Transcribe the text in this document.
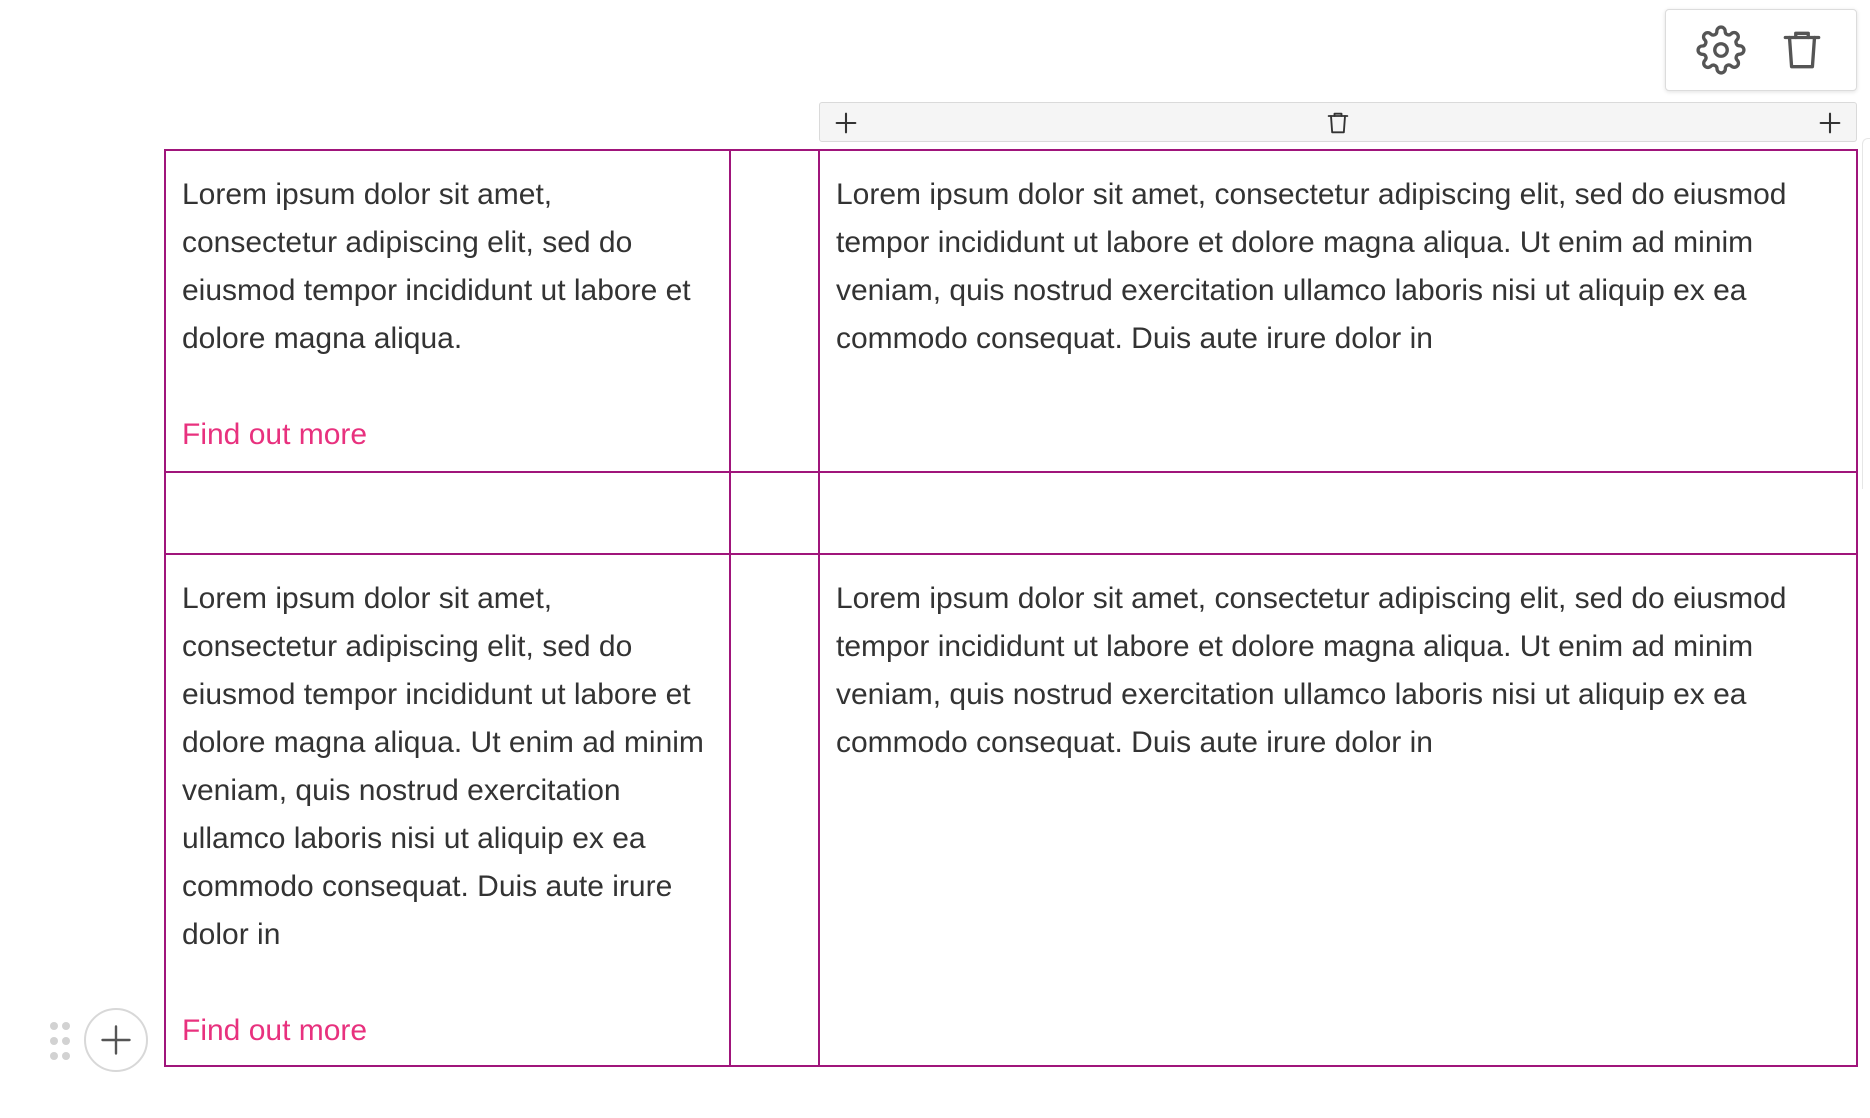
Lorem ipsum dolor sit amet, consectetur adipiscing elit, sed do eiusmod tempor incididunt ut labore et dolore magna aliqua.

Find out more

Lorem ipsum dolor sit amet, consectetur adipiscing elit, sed do eiusmod tempor incididunt ut labore et dolore magna aliqua. Ut enim ad minim veniam, quis nostrud exercitation ullamco laboris nisi ut aliquip ex ea commodo consequat. Duis aute irure dolor in

Lorem ipsum dolor sit amet, consectetur adipiscing elit, sed do eiusmod tempor incididunt ut labore et dolore magna aliqua. Ut enim ad minim veniam, quis nostrud exercitation ullamco laboris nisi ut aliquip ex ea commodo consequat. Duis aute irure dolor in

Find out more

Lorem ipsum dolor sit amet, consectetur adipiscing elit, sed do eiusmod tempor incididunt ut labore et dolore magna aliqua. Ut enim ad minim veniam, quis nostrud exercitation ullamco laboris nisi ut aliquip ex ea commodo consequat. Duis aute irure dolor in
